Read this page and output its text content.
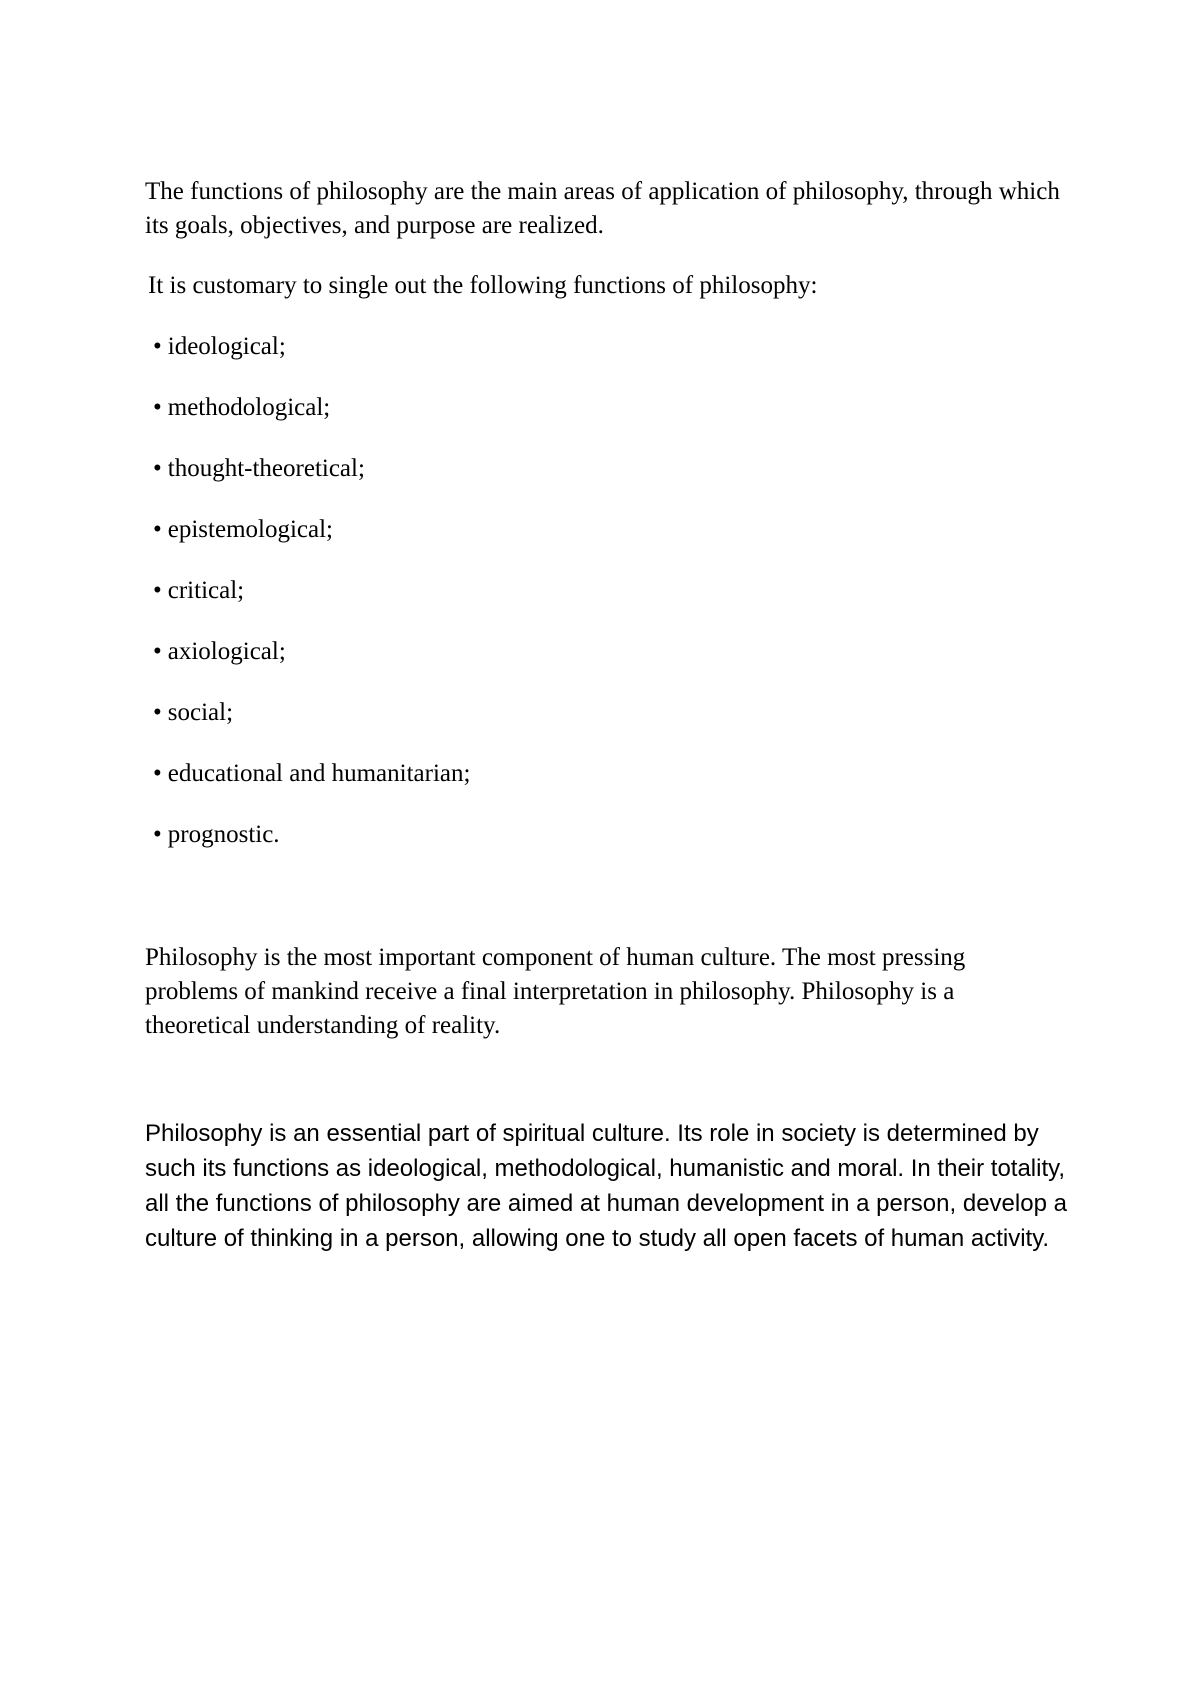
The functions of philosophy are the main areas of application of philosophy, through which its goals, objectives, and purpose are realized.

It is customary to single out the following functions of philosophy:

• ideological;
• methodological;
• thought-theoretical;
• epistemological;
• critical;
• axiological;
• social;
• educational and humanitarian;
• prognostic.

Philosophy is the most important component of human culture. The most pressing problems of mankind receive a final interpretation in philosophy. Philosophy is a theoretical understanding of reality.

Philosophy is an essential part of spiritual culture. Its role in society is determined by such its functions as ideological, methodological, humanistic and moral. In their totality, all the functions of philosophy are aimed at human development in a person, develop a culture of thinking in a person, allowing one to study all open facets of human activity.
